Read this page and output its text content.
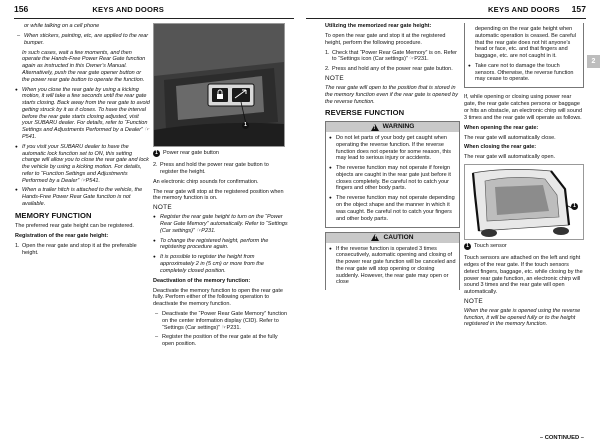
156	KEYS AND DOORS

or while talking on a cell phone

– When stickers, painting, etc, are applied to the rear bumper.

In such cases, wait a few moments, and then operate the Hands-Free Power Rear Gate function again as instructed in this Owner’s Manual. Alternatively, push the rear gate opener button or the power rear gate button to operate the function.

● When you close the rear gate by using a kicking motion, it will take a few seconds until the rear gate starts closing. Back away from the rear gate to avoid getting struck by it as it closes. To have the interval before the rear gate starts closing adjusted, visit your SUBARU dealer. For details, refer to “Function Settings and Adjustments Performed by a Dealer” ☞P541.

● If you visit your SUBARU dealer to have the automatic lock function set to ON, this setting change will allow you to close the rear gate and lock the vehicle by using a kicking motion. For details, refer to “Function Settings and Adjustments Performed by a Dealer” ☞P541.

● When a trailer hitch is attached to the vehicle, the Hands-Free Power Rear Gate function is not available.

MEMORY FUNCTION

The preferred rear gate height can be registered.

Registration of the rear gate height:

1. Open the rear gate and stop it at the preferable height.

1
1 Power rear gate button

2. Press and hold the power rear gate button to register the height.

An electronic chirp sounds for confirmation.

The rear gate will stop at the registered position when the memory function is on.

NOTE

● Register the rear gate height to turn on the “Power Rear Gate Memory” automatically. Refer to “Settings (Car settings)” ☞P231.

● To change the registered height, perform the registering procedure again.

● It is possible to register the height from approximately 2 in (5 cm) or more from the completely closed position.

Deactivation of the memory function:

Deactivate the memory function to open the rear gate fully. Perform either of the following operation to deactivate the memory function.

– Deactivate the “Power Rear Gate Memory” function on the center information display (CID). Refer to “Settings (Car settings)” ☞P231.

– Register the position of the rear gate at the fully open position.

KEYS AND DOORS 157
2

Utilizing the memorized rear gate height:

To open the rear gate and stop it at the registered height, perform the following procedure.

1. Check that “Power Rear Gate Memory” is on. Refer to “Settings icon (Car settings)” ☞P231.

2. Press and hold any of the power rear gate button.

NOTE

The rear gate will open to the position that is stored in the memory function even if the rear gate is opened by the reverse function.

REVERSE FUNCTION
! WARNING

● Do not let parts of your body get caught when operating the reverse function. If the reverse function does not operate for some reason, this may lead to serious injury or accidents.

● The reverse function may not operate if foreign objects are caught in the rear gate just before it closes completely. Be careful not to catch your fingers and other body parts.

● The reverse function may not operate depending on the object shape and the manner in which it was caught. Be careful not to catch your fingers and other body parts.

! CAUTION

● If the reverse function is operated 3 times consecutively, automatic opening and closing of the power rear gate function will be canceled and the rear gate will stop opening or closing suddenly. However, the rear gate may open or close

depending on the rear gate height when automatic operation is ceased. Be careful that the rear gate does not hit anyone’s head or face, etc. and that fingers and baggage, etc. are not caught in it.

● Take care not to damage the touch sensors. Otherwise, the reverse function may cease to operate.

If, while opening or closing using power rear gate, the rear gate catches persons or baggage or hits an obstacle, an electronic chirp will sound 3 times and the rear gate will operate as follows.

When opening the rear gate:

The rear gate will automatically close.

When closing the rear gate:

The rear gate will automatically open.

1
1 Touch sensor

Touch sensors are attached on the left and right edges of the rear gate. If the touch sensors detect fingers, baggage, etc. while closing by the power rear gate function, an electronic chirp will sound 3 times and the rear gate will open automatically.

NOTE

When the rear gate is opened using the reverse function, it will be opened fully or to the height registered in the memory function.

– CONTINUED –
